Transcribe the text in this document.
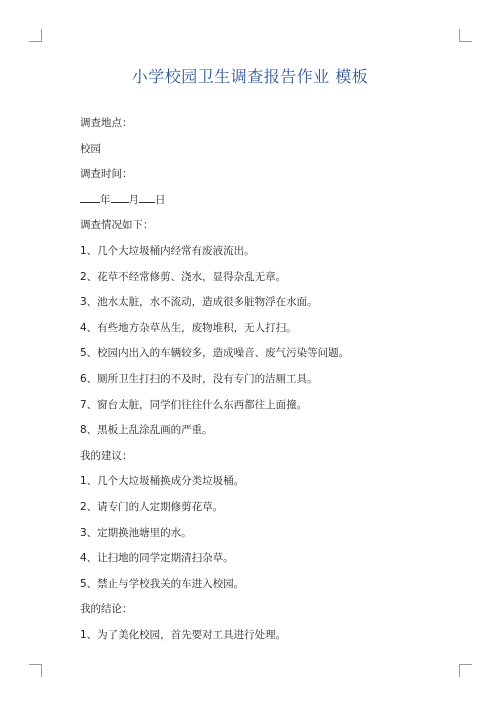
小学校园卫生调查报告作业 模板
调查地点：
校园
调查时间：
年 月 日
调查情况如下：
1、几个大垃圾桶内经常有废液流出。
2、花草不经常修剪、浇水，显得杂乱无章。
3、池水太脏，水不流动，造成很多脏物浮在水面。
4、有些地方杂草丛生，废物堆积，无人打扫。
5、校园内出入的车辆较多，造成噪音、废气污染等问题。
6、厕所卫生打扫的不及时，没有专门的洁厕工具。
7、窗台太脏，同学们往往什么东西都往上面撞。
8、黑板上乱涂乱画的严重。
我的建议：
1、几个大垃圾桶换成分类垃圾桶。
2、请专门的人定期修剪花草。
3、定期换池塘里的水。
4、让扫地的同学定期清扫杂草。
5、禁止与学校我关的车进入校园。
我的结论：
1、为了美化校园，首先要对工具进行处理。
